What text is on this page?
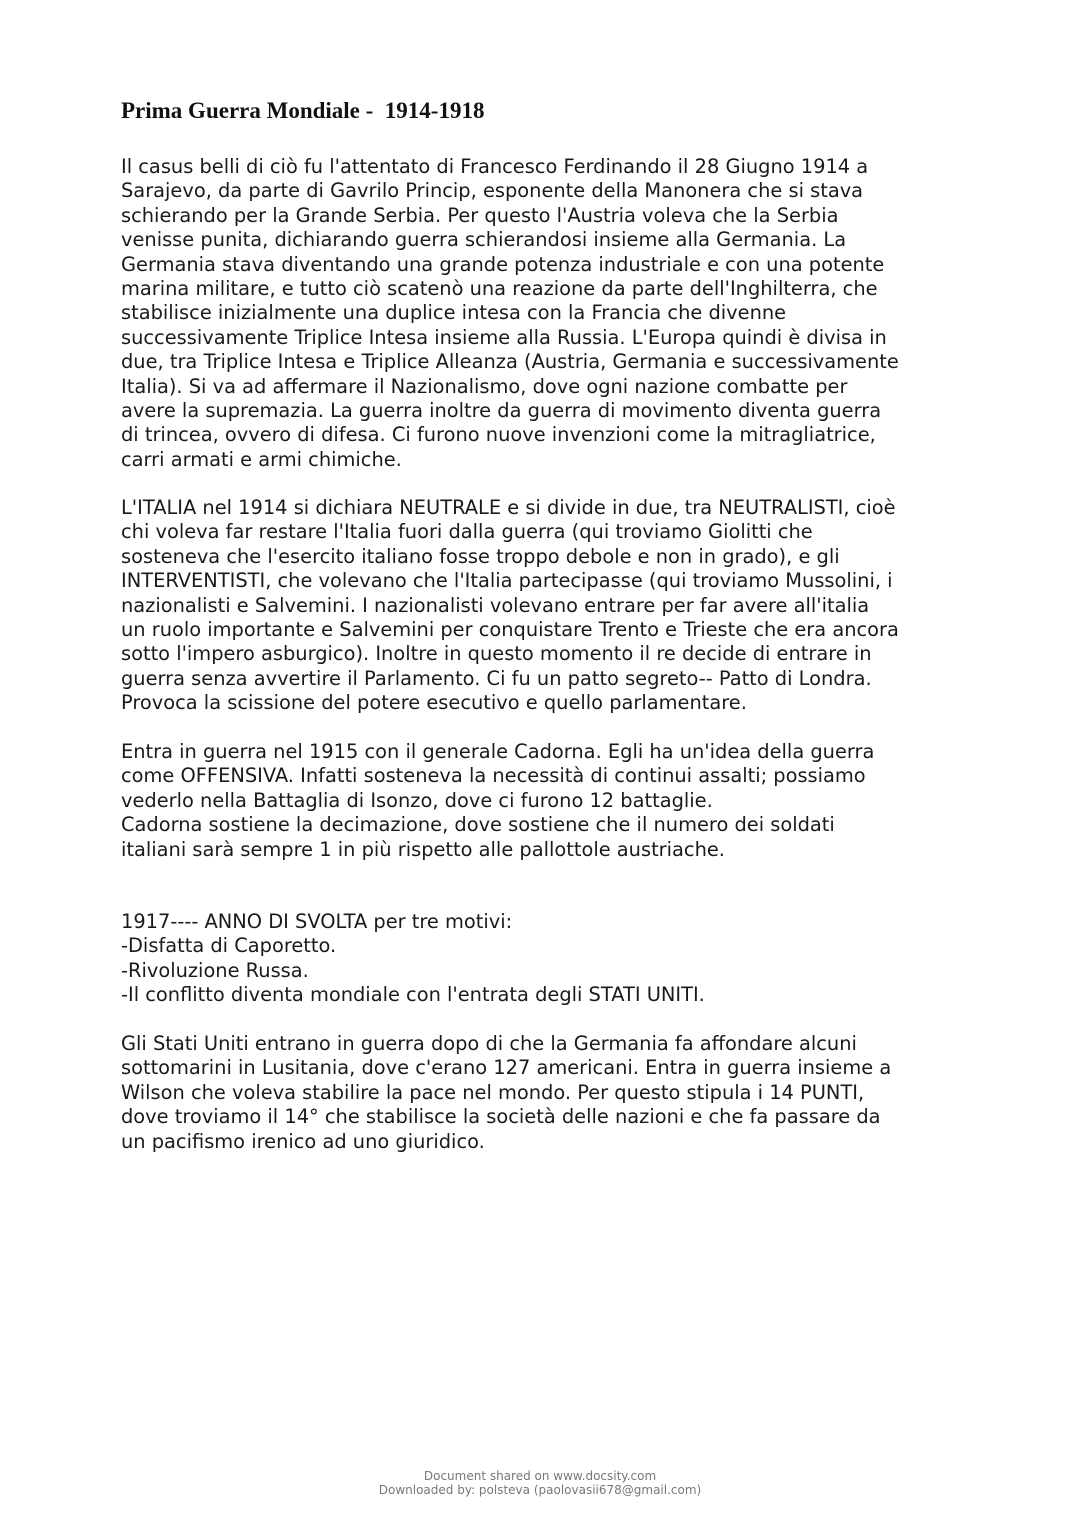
Prima Guerra Mondiale -  1914-1918

Il casus belli di ciò fu l'attentato di Francesco Ferdinando il 28 Giugno 1914 a
Sarajevo, da parte di Gavrilo Princip, esponente della Manonera che si stava
schierando per la Grande Serbia. Per questo l'Austria voleva che la Serbia
venisse punita, dichiarando guerra schierandosi insieme alla Germania. La
Germania stava diventando una grande potenza industriale e con una potente
marina militare, e tutto ciò scatenò una reazione da parte dell'Inghilterra, che
stabilisce inizialmente una duplice intesa con la Francia che divenne
successivamente Triplice Intesa insieme alla Russia. L'Europa quindi è divisa in
due, tra Triplice Intesa e Triplice Alleanza (Austria, Germania e successivamente
Italia). Si va ad affermare il Nazionalismo, dove ogni nazione combatte per
avere la supremazia. La guerra inoltre da guerra di movimento diventa guerra
di trincea, ovvero di difesa. Ci furono nuove invenzioni come la mitragliatrice,
carri armati e armi chimiche.

L'ITALIA nel 1914 si dichiara NEUTRALE e si divide in due, tra NEUTRALISTI, cioè
chi voleva far restare l'Italia fuori dalla guerra (qui troviamo Giolitti che
sosteneva che l'esercito italiano fosse troppo debole e non in grado), e gli
INTERVENTISTI, che volevano che l'Italia partecipasse (qui troviamo Mussolini, i
nazionalisti e Salvemini. I nazionalisti volevano entrare per far avere all'italia
un ruolo importante e Salvemini per conquistare Trento e Trieste che era ancora
sotto l'impero asburgico). Inoltre in questo momento il re decide di entrare in
guerra senza avvertire il Parlamento. Ci fu un patto segreto-- Patto di Londra.
Provoca la scissione del potere esecutivo e quello parlamentare.

Entra in guerra nel 1915 con il generale Cadorna. Egli ha un'idea della guerra
come OFFENSIVA. Infatti sosteneva la necessità di continui assalti; possiamo
vederlo nella Battaglia di Isonzo, dove ci furono 12 battaglie.
Cadorna sostiene la decimazione, dove sostiene che il numero dei soldati
italiani sarà sempre 1 in più rispetto alle pallottole austriache.

1917---- ANNO DI SVOLTA per tre motivi:
-Disfatta di Caporetto.
-Rivoluzione Russa.
-Il conflitto diventa mondiale con l'entrata degli STATI UNITI.

Gli Stati Uniti entrano in guerra dopo di che la Germania fa affondare alcuni
sottomarini in Lusitania, dove c'erano 127 americani. Entra in guerra insieme a
Wilson che voleva stabilire la pace nel mondo. Per questo stipula i 14 PUNTI,
dove troviamo il 14° che stabilisce la società delle nazioni e che fa passare da
un pacifismo irenico ad uno giuridico.

Document shared on www.docsity.com

Downloaded by: polsteva (paolovasii678@gmail.com)
